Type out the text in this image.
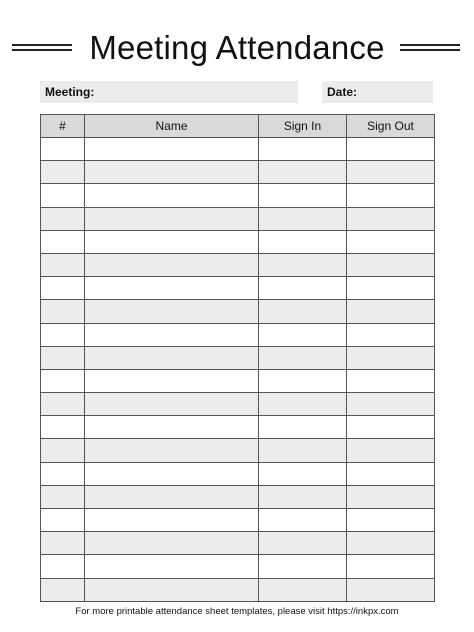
Meeting Attendance
Meeting:	Date:
#	Name	Sign In	Sign Out

For more printable attendance sheet templates, please visit https://inkpx.com
